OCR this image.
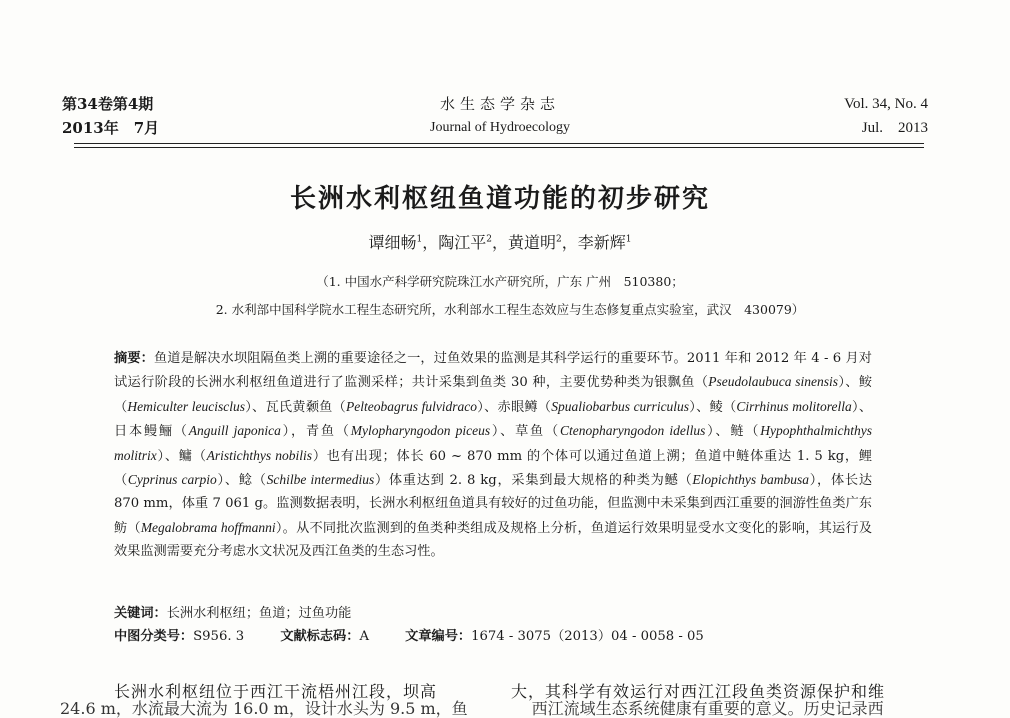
第34卷第4期
2013年　7月
水生态学杂志
Journal of Hydroecology
Vol. 34, No. 4
Jul.　2013
长洲水利枢纽鱼道功能的初步研究
谭细畅$^1$，陶江平$^2$，黄道明$^2$，李新辉$^1$
（1. 中国水产科学研究院珠江水产研究所，广东 广州　510380；
2. 水利部中国科学院水工程生态研究所，水利部水工程生态效应与生态修复重点实验室，武汉　430079）
摘要：鱼道是解决水坝阻隔鱼类上溯的重要途径之一，过鱼效果的监测是其科学运行的重要环节。2011 年和 2012 年 4 - 6 月对试运行阶段的长洲水利枢纽鱼道进行了监测采样；共计采集到鱼类 30 种，主要优势种类为银飘鱼（Pseudolaubuca sinensis）、𩽾（Hemiculter leucisclus）、瓦氏黄颡鱼（Pelteobagrus fulvidraco）、赤眼鳟（Spualiobarbus curriculus）、鲮（Cirrhinus molitorella）、日本鳗鲡（Anguill japonica），青鱼（Mylopharyngodon piceus）、草鱼（Ctenopharyngodon idellus）、鲢（Hypophthalmichthys molitrix）、鳙（Aristichthys nobilis）也有出现；体长 60 ~ 870 mm 的个体可以通过鱼道上溯；鱼道中鲢体重达 1. 5 kg，鲤（Cyprinus carpio）、鲶（Schilbe intermedius）体重达到 2. 8 kg，采集到最大规格的种类为鳡（Elopichthys bambusa），体长达 870 mm，体重 7 061 g。监测数据表明，长洲水利枢纽鱼道具有较好的过鱼功能，但监测中未采集到西江重要的洄游性鱼类广东鲂（Megalobrama hoffmanni）。从不同批次监测到的鱼类种类组成及规格上分析，鱼道运行效果明显受水文变化的影响，其运行及效果监测需要充分考虑水文状况及西江鱼类的生态习性。
关键词：长洲水利枢纽；鱼道；过鱼功能
中图分类号：S956. 3	文献标志码：A	文章编号：1674 - 3075（2013）04 - 0058 - 05
长洲水利枢纽位于西江干流梧州江段，坝高	大，其科学有效运行对西江江段鱼类资源保护和维
24.6 m，水流最大流为 16.0 m，设计水头为 9.5 m，鱼　　　　西江流域生态系统健康有重要的意义。历史记录西
